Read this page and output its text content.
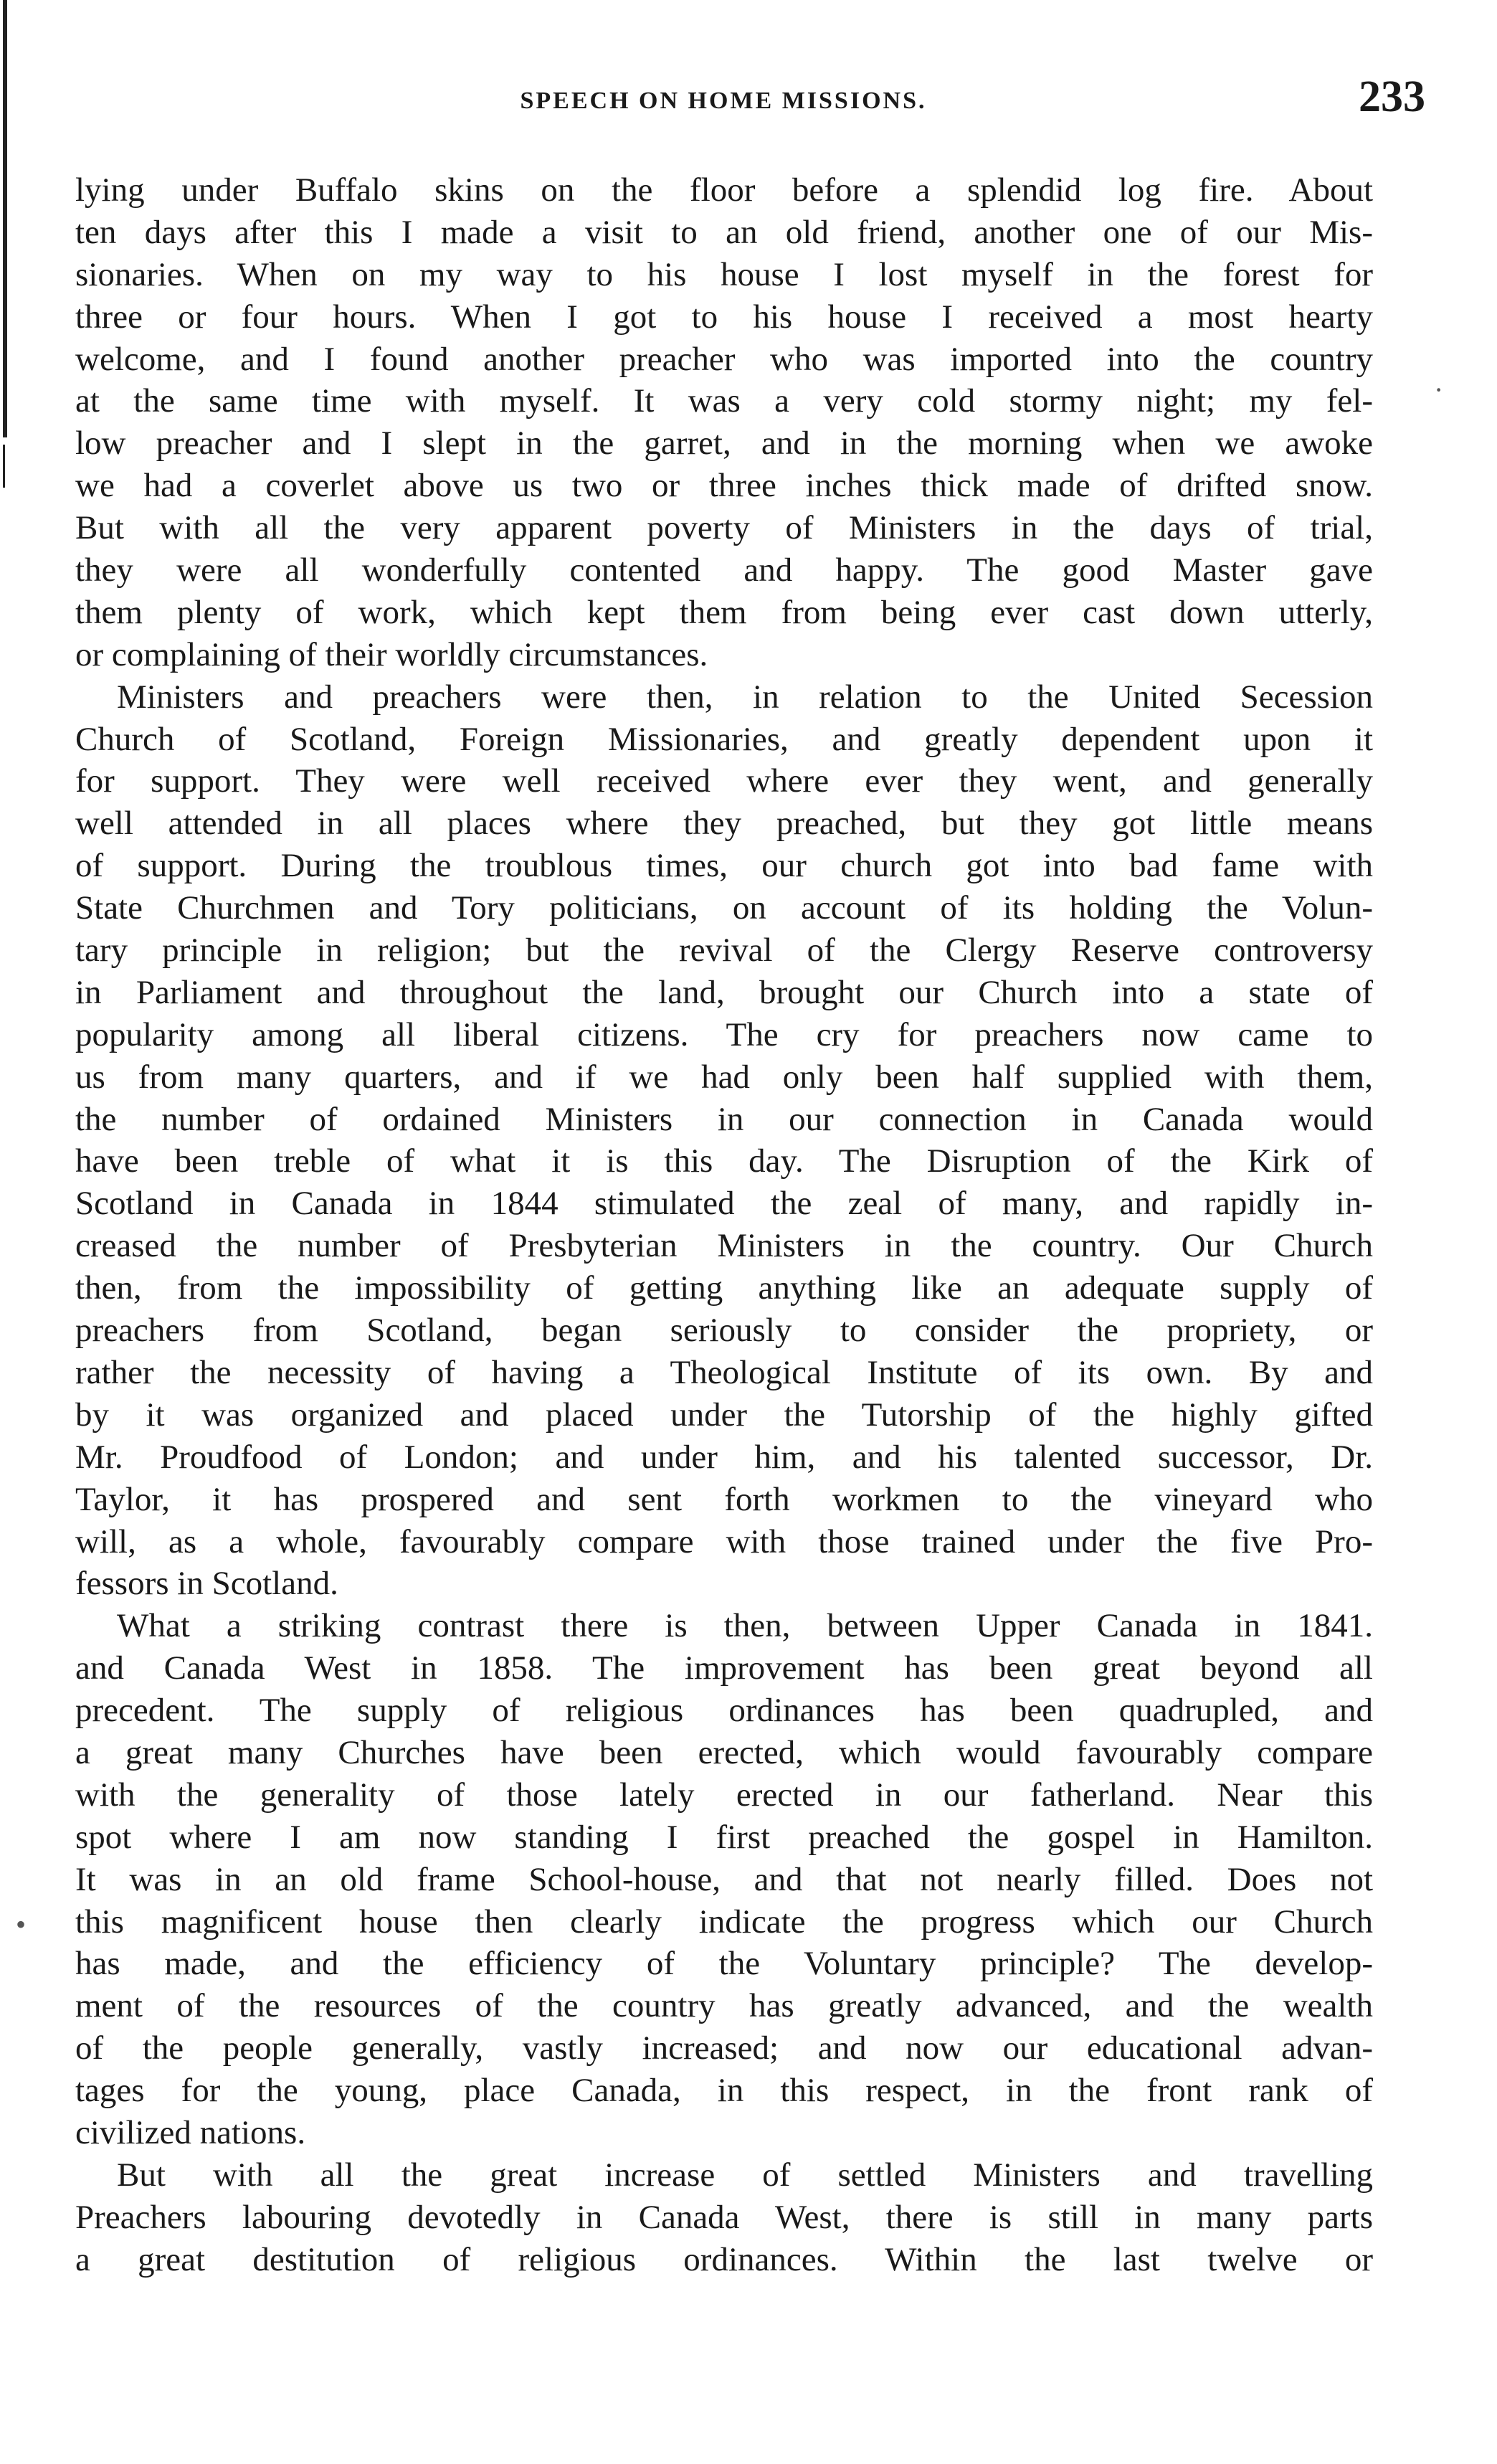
SPEECH ON HOME MISSIONS.	233
lying under Buffalo skins on the floor before a splendid log fire. About
ten days after this I made a visit to an old friend, another one of our Mis-
sionaries. When on my way to his house I lost myself in the forest for
three or four hours. When I got to his house I received a most hearty
welcome, and I found another preacher who was imported into the country
at the same time with myself. It was a very cold stormy night; my fel-
low preacher and I slept in the garret, and in the morning when we awoke
we had a coverlet above us two or three inches thick made of drifted snow.
But with all the very apparent poverty of Ministers in the days of trial,
they were all wonderfully contented and happy. The good Master gave
them plenty of work, which kept them from being ever cast down utterly,
or complaining of their worldly circumstances.
Ministers and preachers were then, in relation to the United Secession
Church of Scotland, Foreign Missionaries, and greatly dependent upon it
for support. They were well received where ever they went, and generally
well attended in all places where they preached, but they got little means
of support. During the troublous times, our church got into bad fame with
State Churchmen and Tory politicians, on account of its holding the Volun-
tary principle in religion; but the revival of the Clergy Reserve controversy
in Parliament and throughout the land, brought our Church into a state of
popularity among all liberal citizens. The cry for preachers now came to
us from many quarters, and if we had only been half supplied with them,
the number of ordained Ministers in our connection in Canada would
have been treble of what it is this day. The Disruption of the Kirk of
Scotland in Canada in 1844 stimulated the zeal of many, and rapidly in-
creased the number of Presbyterian Ministers in the country. Our Church
then, from the impossibility of getting anything like an adequate supply of
preachers from Scotland, began seriously to consider the propriety, or
rather the necessity of having a Theological Institute of its own. By and
by it was organized and placed under the Tutorship of the highly gifted
Mr. Proudfood of London; and under him, and his talented successor, Dr.
Taylor, it has prospered and sent forth workmen to the vineyard who
will, as a whole, favourably compare with those trained under the five Pro-
fessors in Scotland.
What a striking contrast there is then, between Upper Canada in 1841.
and Canada West in 1858. The improvement has been great beyond all
precedent. The supply of religious ordinances has been quadrupled, and
a great many Churches have been erected, which would favourably compare
with the generality of those lately erected in our fatherland. Near this
spot where I am now standing I first preached the gospel in Hamilton.
It was in an old frame School-house, and that not nearly filled. Does not
this magnificent house then clearly indicate the progress which our Church
has made, and the efficiency of the Voluntary principle? The develop-
ment of the resources of the country has greatly advanced, and the wealth
of the people generally, vastly increased; and now our educational advan-
tages for the young, place Canada, in this respect, in the front rank of
civilized nations.
But with all the great increase of settled Ministers and travelling
Preachers labouring devotedly in Canada West, there is still in many parts
a great destitution of religious ordinances. Within the last twelve or
·
•
